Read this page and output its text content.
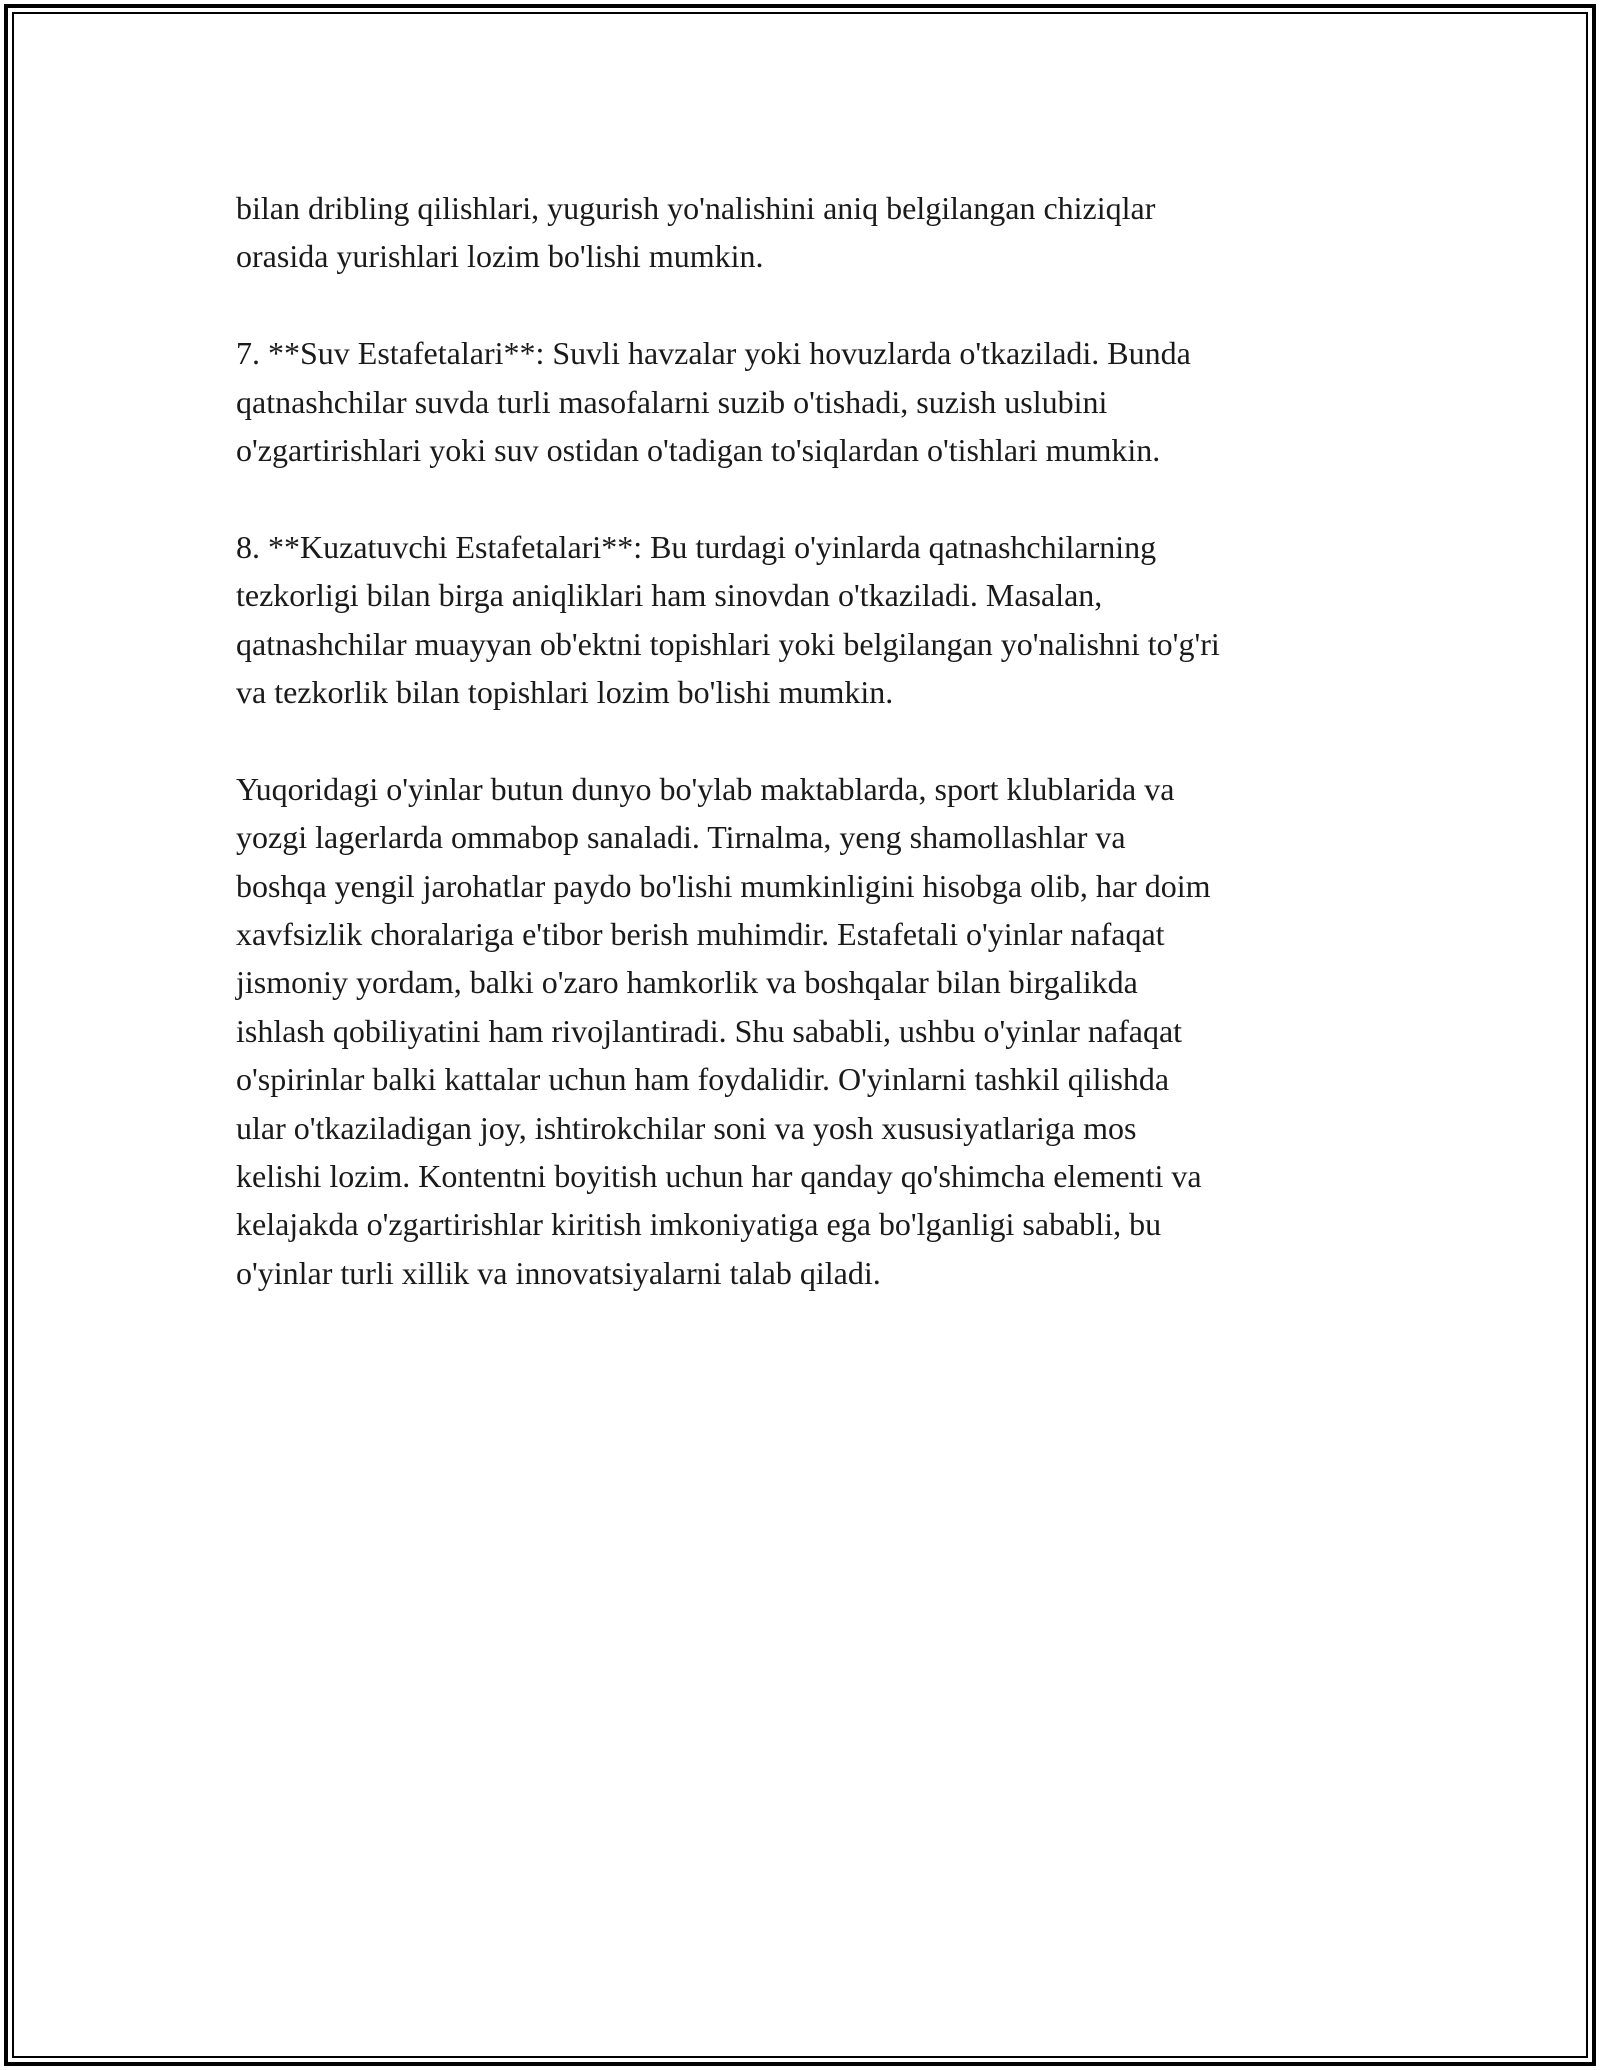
bilan dribling qilishlari, yugurish yo'nalishini aniq belgilangan chiziqlar
orasida yurishlari lozim bo'lishi mumkin.

7. **Suv Estafetalari**: Suvli havzalar yoki hovuzlarda o'tkaziladi. Bunda
qatnashchilar suvda turli masofalarni suzib o'tishadi, suzish uslubini
o'zgartirishlari yoki suv ostidan o'tadigan to'siqlardan o'tishlari mumkin.

8. **Kuzatuvchi Estafetalari**: Bu turdagi o'yinlarda qatnashchilarning
tezkorligi bilan birga aniqliklari ham sinovdan o'tkaziladi. Masalan,
qatnashchilar muayyan ob'ektni topishlari yoki belgilangan yo'nalishni to'g'ri
va tezkorlik bilan topishlari lozim bo'lishi mumkin.

Yuqoridagi o'yinlar butun dunyo bo'ylab maktablarda, sport klublarida va
yozgi lagerlarda ommabop sanaladi. Tirnalma, yeng shamollashlar va
boshqa yengil jarohatlar paydo bo'lishi mumkinligini hisobga olib, har doim
xavfsizlik choralariga e'tibor berish muhimdir. Estafetali o'yinlar nafaqat
jismoniy yordam, balki o'zaro hamkorlik va boshqalar bilan birgalikda
ishlash qobiliyatini ham rivojlantiradi. Shu sababli, ushbu o'yinlar nafaqat
o'spirinlar balki kattalar uchun ham foydalidir. O'yinlarni tashkil qilishda
ular o'tkaziladigan joy, ishtirokchilar soni va yosh xususiyatlariga mos
kelishi lozim. Kontentni boyitish uchun har qanday qo'shimcha elementi va
kelajakda o'zgartirishlar kiritish imkoniyatiga ega bo'lganligi sababli, bu
o'yinlar turli xillik va innovatsiyalarni talab qiladi.
